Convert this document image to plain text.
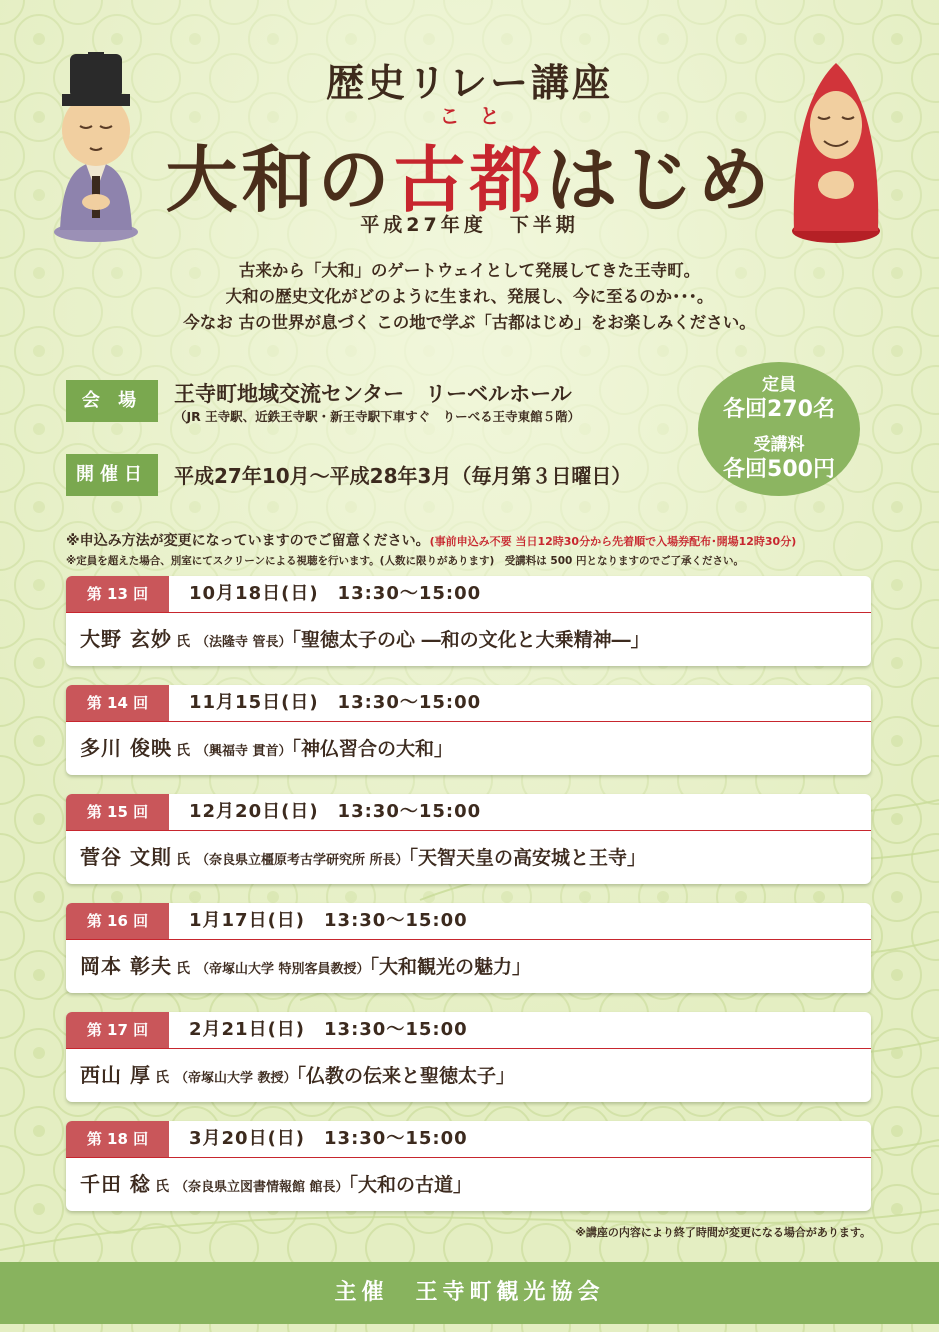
歴史リレー講座
大和の
こ　と
古都はじめ
平成27年度　下半期
古来から「大和」のゲートウェイとして発展してきた王寺町。
大和の歴史文化がどのように生まれ、発展し、今に至るのか･･･。
今なお 古の世界が息づく この地で学ぶ「古都はじめ」をお楽しみください。
会 場 王寺町地域交流センター　リーベルホール
（JR 王寺駅、近鉄王寺駅・新王寺駅下車すぐ　りーべる王寺東館５階）
開催日 平成27年10月～平成28年3月（毎月第３日曜日）
定員
各回270名
受講料
各回500円
※申込み方法が変更になっていますのでご留意ください。(事前申込み不要 当日12時30分から先着順で入場券配布･開場12時30分)
※定員を超えた場合、別室にてスクリーンによる視聴を行います。(人数に限りがあります)　受講料は 500 円となりますのでご了承ください。
第 13 回	10月18日(日)　13:30～15:00
大野 玄妙 氏 （法隆寺 管長）「聖徳太子の心 ―和の文化と大乗精神―」
第 14 回	11月15日(日)　13:30～15:00
多川 俊映 氏 （興福寺 貫首）「神仏習合の大和」
第 15 回	12月20日(日)　13:30～15:00
菅谷 文則 氏 （奈良県立橿原考古学研究所 所長）「天智天皇の高安城と王寺」
第 16 回	1月17日(日)　13:30～15:00
岡本 彰夫 氏 （帝塚山大学 特別客員教授）「大和観光の魅力」
第 17 回	2月21日(日)　13:30～15:00
西山 厚 氏 （帝塚山大学 教授）「仏教の伝来と聖徳太子」
第 18 回	3月20日(日)　13:30～15:00
千田 稔 氏 （奈良県立図書情報館 館長）「大和の古道」
※講座の内容により終了時間が変更になる場合があります。
主催　王寺町観光協会
